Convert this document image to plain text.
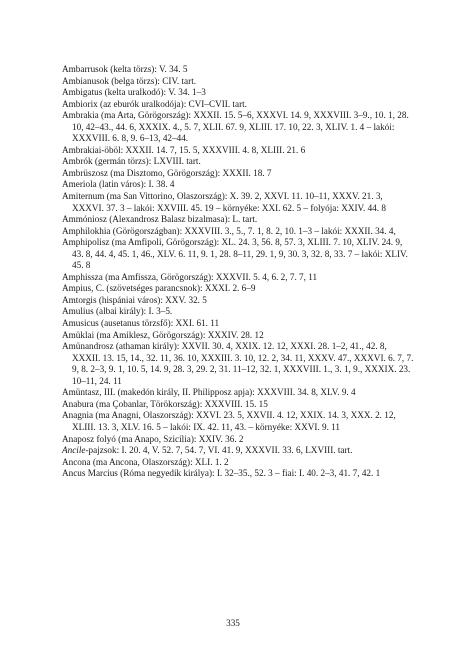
Ambarrusok (kelta törzs): V. 34. 5

Ambianusok (belga törzs): CIV. tart.

Ambigatus (kelta uralkodó): V. 34. 1–3

Ambiorix (az eburók uralkodója): CVI–CVII. tart.

Ambrakia (ma Arta, Görögország): XXXII. 15. 5–6, XXXVI. 14. 9, XXXVIII. 3–9., 10. 1, 28. 10, 42–43., 44. 6, XXXIX. 4., 5. 7, XLII. 67. 9, XLIII. 17. 10, 22. 3, XLIV. 1. 4 – lakói: XXXVIII. 6. 8, 9. 6–13, 42–44.

Ambrakiai-öböl: XXXII. 14. 7, 15. 5, XXXVIII. 4. 8, XLIII. 21. 6

Ambrók (germán törzs): LXVIII. tart.

Ambrüszosz (ma Disztomo, Görögország): XXXII. 18. 7

Ameriola (latin város): I. 38. 4

Amiternum (ma San Vittorino, Olaszország): X. 39. 2, XXVI. 11. 10–11, XXXV. 21. 3, XXXVI. 37. 3 – lakói: XXVIII. 45. 19 – környéke: XXI. 62. 5 – folyója: XXIV. 44. 8

Ammóniosz (Alexandrosz Balasz bizalmasa): L. tart.

Amphilokhia (Görögországban): XXXVIII. 3., 5., 7. 1, 8. 2, 10. 1–3 – lakói: XXXII. 34. 4,

Amphipolisz (ma Amfipoli, Görögország): XL. 24. 3, 56. 8, 57. 3, XLIII. 7. 10, XLIV. 24. 9, 43. 8, 44. 4, 45. 1, 46., XLV. 6. 11, 9. 1, 28. 8–11, 29. 1, 9, 30. 3, 32. 8, 33. 7 – lakói: XLIV. 45. 8

Amphissza (ma Amfissza, Görögország): XXXVII. 5. 4, 6. 2, 7. 7, 11

Ampius, C. (szövetséges parancsnok): XXXI. 2. 6–9

Amtorgis (hispániai város): XXV. 32. 5

Amulius (albai király): I. 3–5.

Amusicus (ausetanus törzsfő): XXI. 61. 11

Amüklai (ma Amiklesz, Görögország): XXXIV. 28. 12

Amünandrosz (athaman király): XXVII. 30. 4, XXIX. 12. 12, XXXI. 28. 1–2, 41., 42. 8, XXXII. 13. 15, 14., 32. 11, 36. 10, XXXIII. 3. 10, 12. 2, 34. 11, XXXV. 47., XXXVI. 6. 7, 7. 9, 8. 2–3, 9. 1, 10. 5, 14. 9, 28. 3, 29. 2, 31. 11–12, 32. 1, XXXVIII. 1., 3. 1, 9., XXXIX. 23. 10–11, 24. 11

Amüntasz, III. (makedón király, II. Philipposz apja): XXXVIII. 34. 8, XLV. 9. 4

Anabura (ma Çobanlar, Törökország): XXXVIII. 15. 15

Anagnia (ma Anagni, Olaszország): XXVI. 23. 5, XXVII. 4. 12, XXIX. 14. 3, XXX. 2. 12, XLIII. 13. 3, XLV. 16. 5 – lakói: IX. 42. 11, 43. – környéke: XXVI. 9. 11

Anaposz folyó (ma Anapo, Szicília): XXIV. 36. 2

Ancile-pajzsok: I. 20. 4, V. 52. 7, 54. 7, VI. 41. 9, XXXVII. 33. 6, LXVIII. tart.

Ancona (ma Ancona, Olaszország): XLI. 1. 2

Ancus Marcius (Róma negyedik királya): I. 32–35., 52. 3 – fiai: I. 40. 2–3, 41. 7, 42. 1

335
